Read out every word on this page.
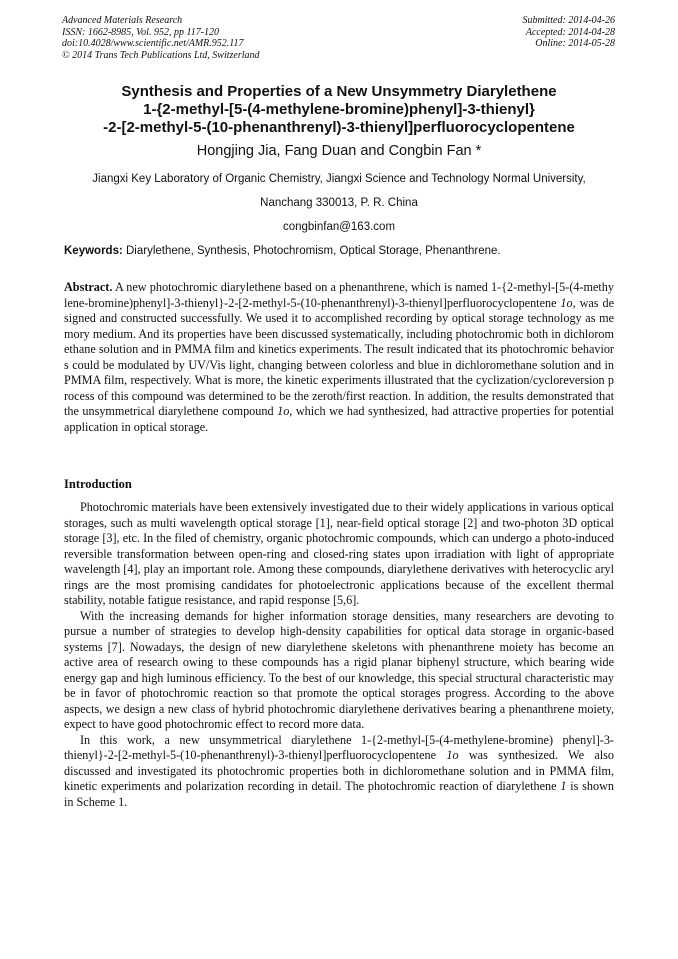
Advanced Materials Research
ISSN: 1662-8985, Vol. 952, pp 117-120
doi:10.4028/www.scientific.net/AMR.952.117
© 2014 Trans Tech Publications Ltd, Switzerland
Submitted: 2014-04-26
Accepted: 2014-04-28
Online: 2014-05-28
Synthesis and Properties of a New Unsymmetry Diarylethene
1-{2-methyl-[5-(4-methylene-bromine)phenyl]-3-thienyl}
-2-[2-methyl-5-(10-phenanthrenyl)-3-thienyl]perfluorocyclopentene
Hongjing Jia, Fang Duan and Congbin Fan *
Jiangxi Key Laboratory of Organic Chemistry, Jiangxi Science and Technology Normal University,
Nanchang 330013, P. R. China
congbinfan@163.com
Keywords: Diarylethene, Synthesis, Photochromism, Optical Storage, Phenanthrene.
Abstract. A new photochromic diarylethene based on a phenanthrene, which is named 1-{2-methyl-[5-(4-methylene-bromine)phenyl]-3-thienyl}-2-[2-methyl-5-(10-phenanthrenyl)-3-thienyl]perfluorocyclopentene 1o, was designed and constructed successfully. We used it to accomplished recording by optical storage technology as memory medium. And its properties have been discussed systematically, including photochromic both in dichloromethane solution and in PMMA film and kinetics experiments. The result indicated that its photochromic behaviors could be modulated by UV/Vis light, changing between colorless and blue in dichloromethane solution and in PMMA film, respectively. What is more, the kinetic experiments illustrated that the cyclization/cycloreversion process of this compound was determined to be the zeroth/first reaction. In addition, the results demonstrated that the unsymmetrical diarylethene compound 1o, which we had synthesized, had attractive properties for potential application in optical storage.
Introduction

Photochromic materials have been extensively investigated due to their widely applications in various optical storages, such as multi wavelength optical storage [1], near-field optical storage [2] and two-photon 3D optical storage [3], etc. In the filed of chemistry, organic photochromic compounds, which can undergo a photo-induced reversible transformation between open-ring and closed-ring states upon irradiation with light of appropriate wavelength [4], play an important role. Among these compounds, diarylethene derivatives with heterocyclic aryl rings are the most promising candidates for photoelectronic applications because of the excellent thermal stability, notable fatigue resistance, and rapid response [5,6].

With the increasing demands for higher information storage densities, many researchers are devoting to pursue a number of strategies to develop high-density capabilities for optical data storage in organic-based systems [7]. Nowadays, the design of new diarylethene skeletons with phenanthrene moiety has become an active area of research owing to these compounds has a rigid planar biphenyl structure, which bearing wide energy gap and high luminous efficiency. To the best of our knowledge, this special structural characteristic may be in favor of photochromic reaction so that promote the optical storages progress. According to the above aspects, we design a new class of hybrid photochromic diarylethene derivatives bearing a phenanthrene moiety, expect to have good photochromic effect to record more data.

In this work, a new unsymmetrical diarylethene 1-{2-methyl-[5-(4-methylene-bromine) phenyl]-3-thienyl}-2-[2-methyl-5-(10-phenanthrenyl)-3-thienyl]perfluorocyclopentene 1o was synthesized. We also discussed and investigated its photochromic properties both in dichloromethane solution and in PMMA film, kinetic experiments and polarization recording in detail. The photochromic reaction of diarylethene 1 is shown in Scheme 1.
